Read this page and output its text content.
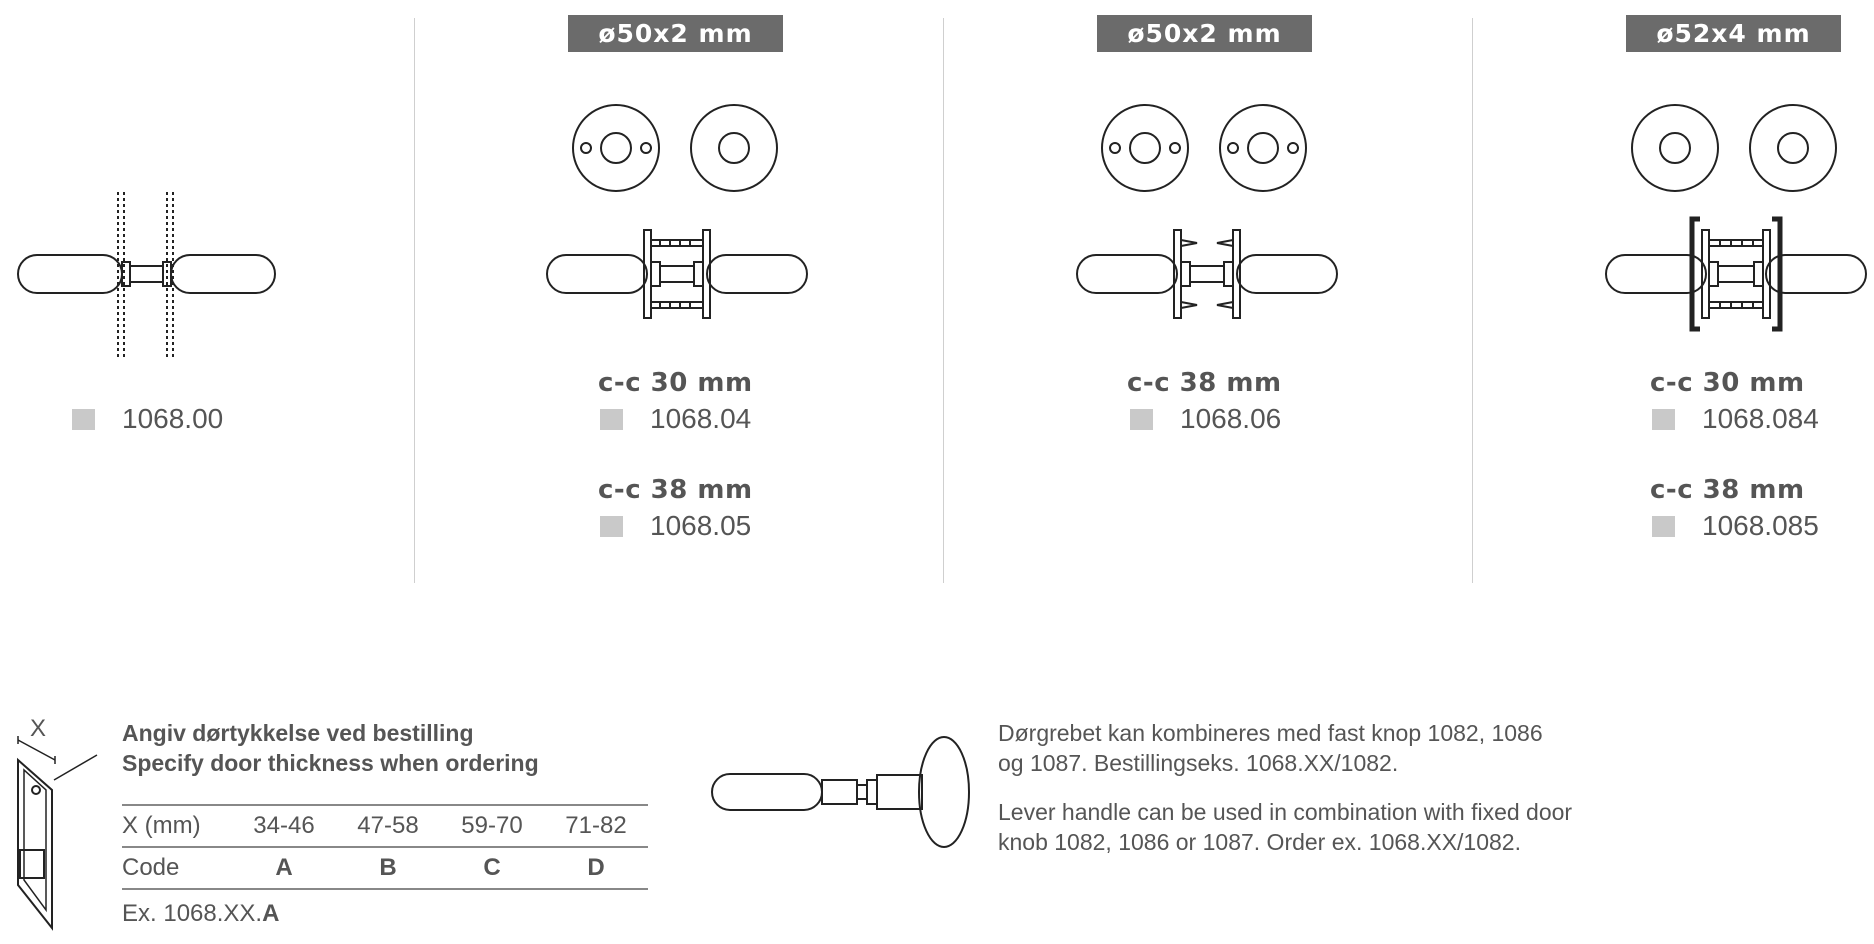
ø50x2 mm	ø50x2 mm	ø52x4 mm
X
1068.00
c-c 30 mm
1068.04
c-c 38 mm
1068.05
c-c 38 mm
1068.06
c-c 30 mm
1068.084
c-c 38 mm
1068.085
Angiv dørtykkelse ved bestilling
Specify door thickness when ordering
X (mm)	34-46	47-58	59-70	71-82
Code	A	B	C	D
Ex. 1068.XX.A
Dørgrebet kan kombineres med fast knop 1082, 1086
og 1087. Bestillingseks. 1068.XX/1082.
Lever handle can be used in combination with fixed door
knob 1082, 1086 or 1087. Order ex. 1068.XX/1082.
